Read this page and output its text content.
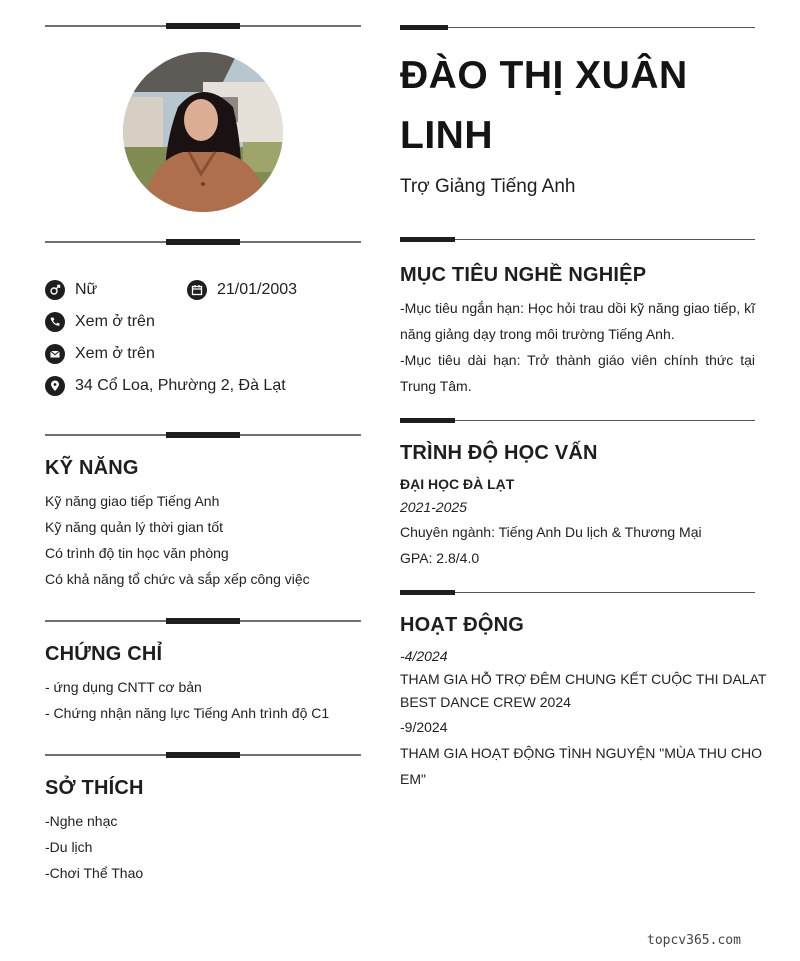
Nữ	21/01/2003
Xem ở trên
Xem ở trên
34 Cổ Loa, Phường 2, Đà Lạt
KỸ NĂNG
Kỹ năng giao tiếp Tiếng Anh
Kỹ năng quản lý thời gian tốt
Có trình độ tin học văn phòng
Có khả năng tổ chức và sắp xếp công việc
CHỨNG CHỈ
- ứng dụng CNTT cơ bản
- Chứng nhận năng lực Tiếng Anh trình độ C1
SỞ THÍCH
-Nghe nhạc
-Du lịch
-Chơi Thể Thao
ĐÀO THỊ XUÂN
LINH
Trợ Giảng Tiếng Anh
MỤC TIÊU NGHỀ NGHIỆP
-Mục tiêu ngắn hạn: Học hỏi trau dồi kỹ năng giao tiếp, kĩ năng giảng dạy trong môi trường Tiếng Anh.
-Mục tiêu dài hạn: Trở thành giáo viên chính thức tại Trung Tâm.
TRÌNH ĐỘ HỌC VẤN
ĐẠI HỌC ĐÀ LẠT
2021-2025
Chuyên ngành: Tiếng Anh Du lịch & Thương Mại
GPA: 2.8/4.0
HOẠT ĐỘNG
-4/2024
THAM GIA HỖ TRỢ ĐÊM CHUNG KẾT CUỘC THI DALAT
BEST DANCE CREW 2024
-9/2024
THAM GIA HOẠT ĐỘNG TÌNH NGUYỆN "MÙA THU CHO
EM"
topcv365.com
